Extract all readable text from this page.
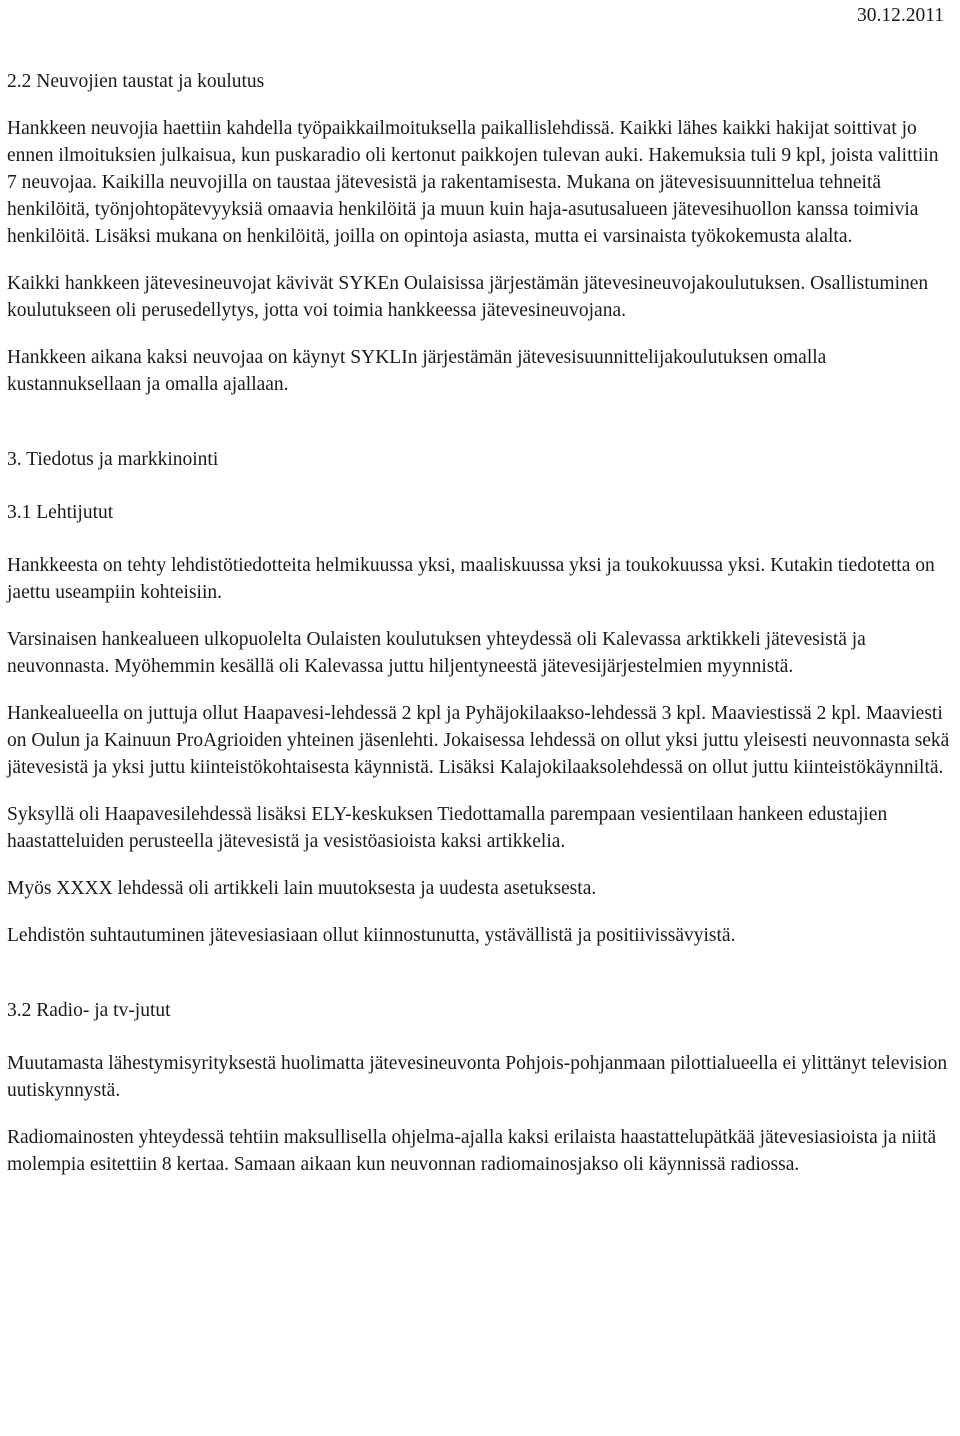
30.12.2011
2.2 Neuvojien taustat ja koulutus

Hankkeen neuvojia haettiin kahdella työpaikkailmoituksella paikallislehdissä. Kaikki lähes kaikki hakijat soittivat jo ennen ilmoituksien julkaisua, kun puskaradio oli kertonut paikkojen tulevan auki. Hakemuksia tuli 9 kpl, joista valittiin 7 neuvojaa. Kaikilla neuvojilla on taustaa jätevesistä ja rakentamisesta. Mukana on jätevesisuunnittelua tehneitä henkilöitä, työnjohtopätevyyksiä omaavia henkilöitä ja muun kuin haja-asutusalueen jätevesihuollon kanssa toimivia henkilöitä. Lisäksi mukana on henkilöitä, joilla on opintoja asiasta, mutta ei varsinaista työkokemusta alalta.

Kaikki hankkeen jätevesineuvojat kävivät SYKEn Oulaisissa järjestämän jätevesineuvojakoulutuksen. Osallistuminen koulutukseen oli perusedellytys, jotta voi toimia hankkeessa jätevesineuvojana.

Hankkeen aikana kaksi neuvojaa on käynyt SYKLIn järjestämän jätevesisuunnittelijakoulutuksen omalla kustannuksellaan ja omalla ajallaan.

3. Tiedotus ja markkinointi
3.1 Lehtijutut

Hankkeesta on tehty lehdistötiedotteita helmikuussa yksi, maaliskuussa yksi ja toukokuussa yksi. Kutakin tiedotetta on jaettu useampiin kohteisiin.

Varsinaisen hankealueen ulkopuolelta Oulaisten koulutuksen yhteydessä oli Kalevassa arktikkeli jätevesistä ja neuvonnasta. Myöhemmin kesällä oli Kalevassa juttu hiljentyneestä jätevesijärjestelmien myynnistä.

Hankealueella on juttuja ollut Haapavesi-lehdessä 2 kpl ja Pyhäjokilaakso-lehdessä 3 kpl. Maaviestissä 2 kpl. Maaviesti on Oulun ja Kainuun ProAgrioiden yhteinen jäsenlehti. Jokaisessa lehdessä on ollut yksi juttu yleisesti neuvonnasta sekä jätevesistä ja yksi juttu kiinteistökohtaisesta käynnistä. Lisäksi Kalajokilaaksolehdessä on ollut juttu kiinteistökäynniltä.

Syksyllä oli Haapavesilehdessä lisäksi ELY-keskuksen Tiedottamalla parempaan vesientilaan hankeen edustajien haastatteluiden perusteella jätevesistä ja vesistöasioista kaksi artikkelia.

Myös XXXX lehdessä oli artikkeli lain muutoksesta ja uudesta asetuksesta.

Lehdistön suhtautuminen jätevesiasiaan ollut kiinnostunutta, ystävällistä ja positiivissävyistä.

3.2 Radio- ja tv-jutut

Muutamasta lähestymisyrityksestä huolimatta jätevesineuvonta Pohjois-pohjanmaan pilottialueella ei ylittänyt television uutiskynnystä.

Radiomainosten yhteydessä tehtiin maksullisella ohjelma-ajalla kaksi erilaista haastattelupätkää jätevesiasioista ja niitä molempia esitettiin 8 kertaa. Samaan aikaan kun neuvonnan radiomainosjakso oli käynnissä radiossa.
